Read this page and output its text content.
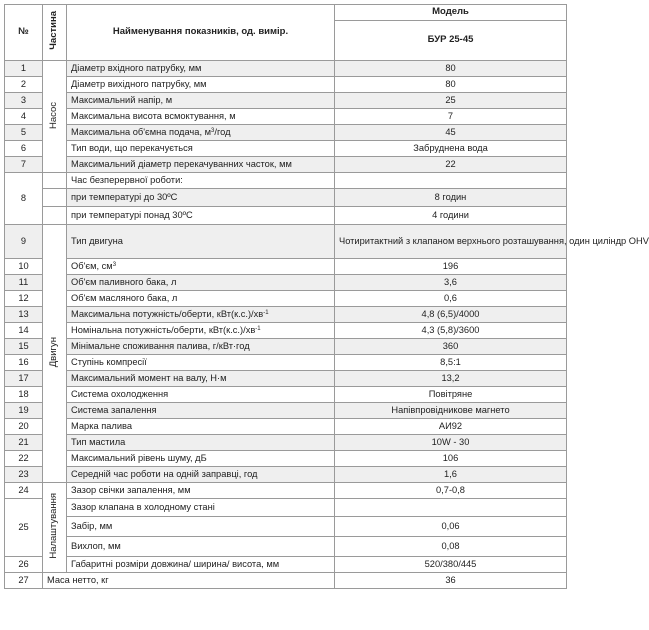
№	Частина	Найменування показників, од. вимір.	Модель
			БУР 25-45
1	Насос	Діаметр вхідного патрубку, мм	80
2		Діаметр вихідного патрубку, мм	80
3		Максимальний напір, м	25
4		Максимальна висота всмоктування, м	7
5		Максимальна об'ємна подача, $м^3$/год	45
6		Тип води, що перекачується	Забруднена вода
7		Максимальний діаметр перекачуванних часток, мм	22
8		Час безперервної роботи:	
		при температурі до 30ºС	8 годин
		при температурі понад 30ºС	4 години
9	Двигун	Тип двигуна	Чотиритактний з клапаном верхнього розташування, один циліндр OHV
10		Об'єм, $см^3$	196
11		Об'єм паливного бака, л	3,6
12		Об'єм масляного бака, л	0,6
13		Максимальна потужність/оберти, $кВт(к.с.)/хв^{-1}$	4,8 (6,5)/4000
14		Номінальна потужність/оберти, $кВт(к.с.)/хв^{-1}$	4,3 (5,8)/3600
15		Мінімальне споживання палива, г/кВт·год	360
16		Ступінь компресії	8,5:1
17		Максимальний момент на валу, Н·м	13,2
18		Система охолодження	Повітряне
19		Система запалення	Напівпровідникове магнето
20		Марка палива	АИ92
21		Тип мастила	10W - 30
22		Максимальний рівень шуму, дБ	106
23		Середній час роботи на одній заправці, год	1,6
24	Налаштування	Зазор свічки запалення, мм	0,7-0,8
25		Зазор клапана в холодному стані	
		Забір, мм	0,06
		Вихлоп, мм	0,08
26		Габаритні розміри довжина/ ширина/ висота, мм	520/380/445
27	Маса нетто, кг		36
